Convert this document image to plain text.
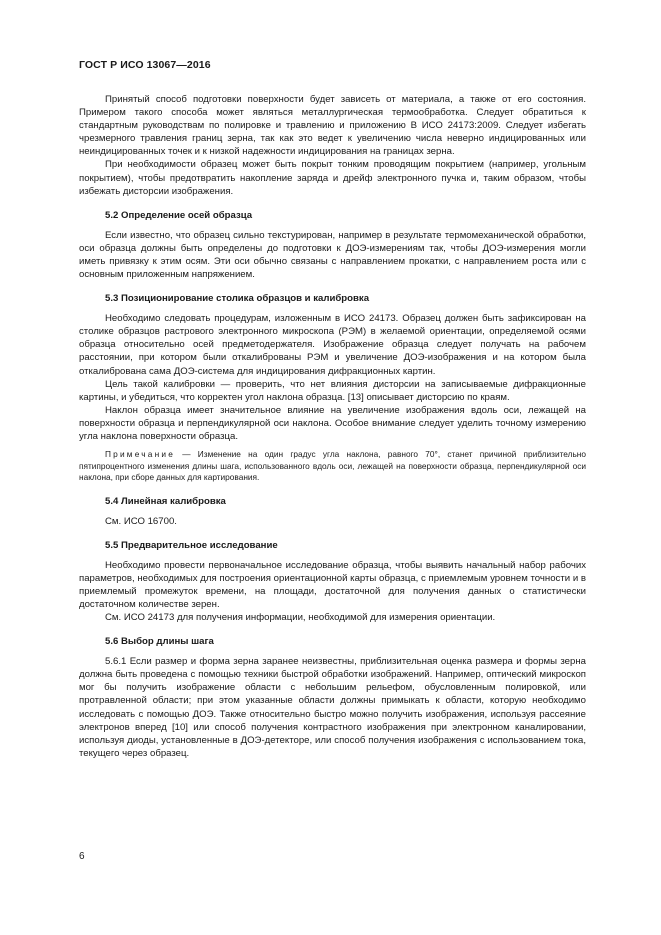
ГОСТ Р ИСО 13067—2016

Принятый способ подготовки поверхности будет зависеть от материала, а также от его состояния. Примером такого способа может являться металлургическая термообработка. Следует обратиться к стандартным руководствам по полировке и травлению и приложению В ИСО 24173:2009. Следует избегать чрезмерного травления границ зерна, так как это ведет к увеличению числа неверно индицированных или неиндицированных точек и к низкой надежности индицирования на границах зерна.

При необходимости образец может быть покрыт тонким проводящим покрытием (например, угольным покрытием), чтобы предотвратить накопление заряда и дрейф электронного пучка и, таким образом, чтобы избежать дисторсии изображения.

5.2 Определение осей образца

Если известно, что образец сильно текстурирован, например в результате термомеханической обработки, оси образца должны быть определены до подготовки к ДОЭ-измерениям так, чтобы ДОЭ-измерения могли иметь привязку к этим осям. Эти оси обычно связаны с направлением прокатки, с направлением роста или с основным приложенным напряжением.

5.3 Позиционирование столика образцов и калибровка

Необходимо следовать процедурам, изложенным в ИСО 24173. Образец должен быть зафиксирован на столике образцов растрового электронного микроскопа (РЭМ) в желаемой ориентации, определяемой осями образца относительно осей предметодержателя. Изображение образца следует получать на рабочем расстоянии, при котором были откалиброваны РЭМ и увеличение ДОЭ-изображения и на котором была откалибрована сама ДОЭ-система для индицирования дифракционных картин.

Цель такой калибровки — проверить, что нет влияния дисторсии на записываемые дифракционные картины, и убедиться, что корректен угол наклона образца. [13] описывает дисторсию по краям.

Наклон образца имеет значительное влияние на увеличение изображения вдоль оси, лежащей на поверхности образца и перпендикулярной оси наклона. Особое внимание следует уделить точному измерению угла наклона поверхности образца.

Примечание — Изменение на один градус угла наклона, равного 70°, станет причиной приблизительно пятипроцентного изменения длины шага, использованного вдоль оси, лежащей на поверхности образца, перпендикулярной оси наклона, при сборе данных для картирования.

5.4 Линейная калибровка

См. ИСО 16700.

5.5 Предварительное исследование

Необходимо провести первоначальное исследование образца, чтобы выявить начальный набор рабочих параметров, необходимых для построения ориентационной карты образца, с приемлемым уровнем точности и в приемлемый промежуток времени, на площади, достаточной для получения данных о статистически достаточном количестве зерен.

См. ИСО 24173 для получения информации, необходимой для измерения ориентации.

5.6 Выбор длины шага

5.6.1 Если размер и форма зерна заранее неизвестны, приблизительная оценка размера и формы зерна должна быть проведена с помощью техники быстрой обработки изображений. Например, оптический микроскоп мог бы получить изображение области с небольшим рельефом, обусловленным полировкой, или протравленной области; при этом указанные области должны примыкать к области, которую необходимо исследовать с помощью ДОЭ. Также относительно быстро можно получить изображения, используя рассеяние электронов вперед [10] или способ получения контрастного изображения при электронном каналировании, используя диоды, установленные в ДОЭ-детекторе, или способ получения изображения с использованием тока, текущего через образец.

6
